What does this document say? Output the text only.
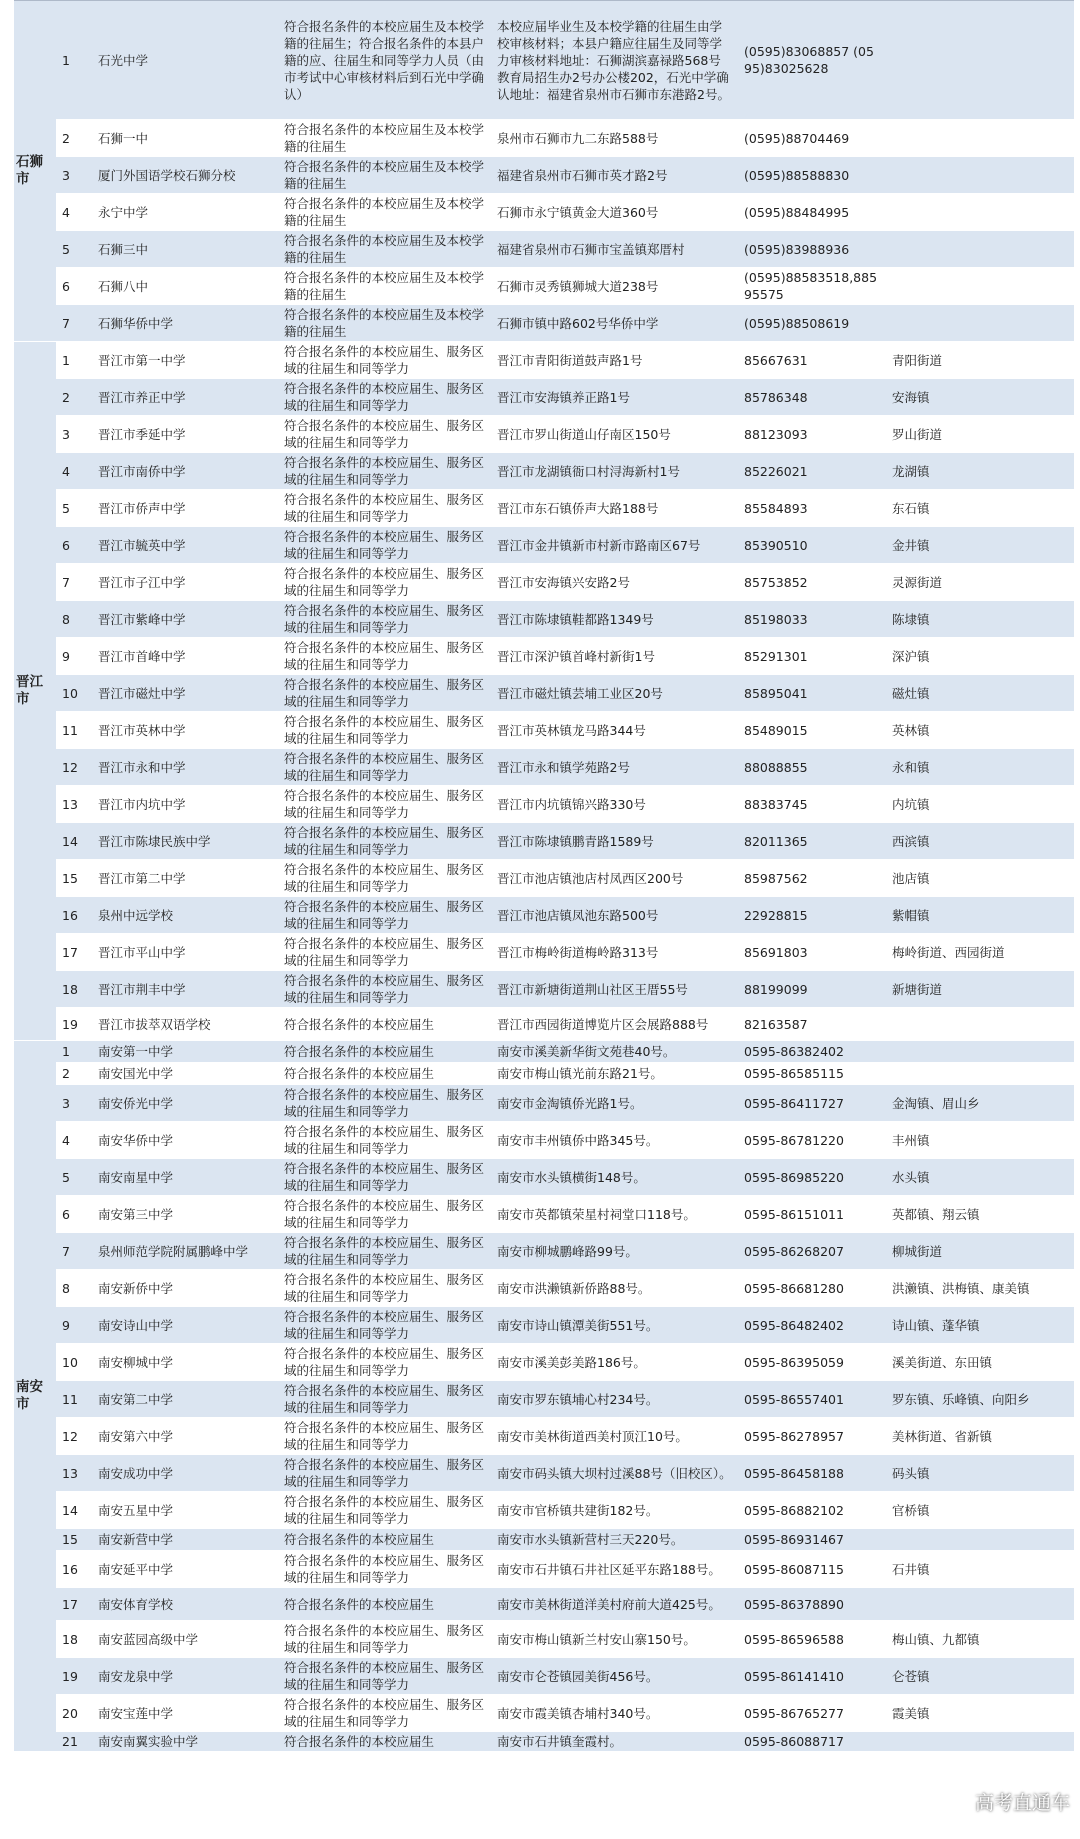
石狮市	1	石光中学	符合报名条件的本校应届生及本校学籍的往届生；符合报名条件的本县户籍的应、往届生和同等学力人员（由市考试中心审核材料后到石光中学确认）	本校应届毕业生及本校学籍的往届生由学校审核材料；本县户籍应往届生及同等学力审核材料地址：石狮湖滨嘉禄路568号教育局招生办2号办公楼202，石光中学确认地址：福建省泉州市石狮市东港路2号。	(0595)83068857 (0595)83025628	
	2	石狮一中	符合报名条件的本校应届生及本校学籍的往届生	泉州市石狮市九二东路588号	(0595)88704469	
	3	厦门外国语学校石狮分校	符合报名条件的本校应届生及本校学籍的往届生	福建省泉州市石狮市英才路2号	(0595)88588830	
	4	永宁中学	符合报名条件的本校应届生及本校学籍的往届生	石狮市永宁镇黄金大道360号	(0595)88484995	
	5	石狮三中	符合报名条件的本校应届生及本校学籍的往届生	福建省泉州市石狮市宝盖镇郑厝村	(0595)83988936	
	6	石狮八中	符合报名条件的本校应届生及本校学籍的往届生	石狮市灵秀镇狮城大道238号	(0595)88583518,88595575	
	7	石狮华侨中学	符合报名条件的本校应届生及本校学籍的往届生	石狮市镇中路602号华侨中学	(0595)88508619	
晋江市	1	晋江市第一中学	符合报名条件的本校应届生、服务区域的往届生和同等学力	晋江市青阳街道鼓声路1号	85667631	青阳街道
	2	晋江市养正中学	符合报名条件的本校应届生、服务区域的往届生和同等学力	晋江市安海镇养正路1号	85786348	安海镇
	3	晋江市季延中学	符合报名条件的本校应届生、服务区域的往届生和同等学力	晋江市罗山街道山仔南区150号	88123093	罗山街道
	4	晋江市南侨中学	符合报名条件的本校应届生、服务区域的往届生和同等学力	晋江市龙湖镇衙口村浔海新村1号	85226021	龙湖镇
	5	晋江市侨声中学	符合报名条件的本校应届生、服务区域的往届生和同等学力	晋江市东石镇侨声大路188号	85584893	东石镇
	6	晋江市毓英中学	符合报名条件的本校应届生、服务区域的往届生和同等学力	晋江市金井镇新市村新市路南区67号	85390510	金井镇
	7	晋江市子江中学	符合报名条件的本校应届生、服务区域的往届生和同等学力	晋江市安海镇兴安路2号	85753852	灵源街道
	8	晋江市紫峰中学	符合报名条件的本校应届生、服务区域的往届生和同等学力	晋江市陈埭镇鞋都路1349号	85198033	陈埭镇
	9	晋江市首峰中学	符合报名条件的本校应届生、服务区域的往届生和同等学力	晋江市深沪镇首峰村新街1号	85291301	深沪镇
	10	晋江市磁灶中学	符合报名条件的本校应届生、服务区域的往届生和同等学力	晋江市磁灶镇芸埔工业区20号	85895041	磁灶镇
	11	晋江市英林中学	符合报名条件的本校应届生、服务区域的往届生和同等学力	晋江市英林镇龙马路344号	85489015	英林镇
	12	晋江市永和中学	符合报名条件的本校应届生、服务区域的往届生和同等学力	晋江市永和镇学苑路2号	88088855	永和镇
	13	晋江市内坑中学	符合报名条件的本校应届生、服务区域的往届生和同等学力	晋江市内坑镇锦兴路330号	88383745	内坑镇
	14	晋江市陈埭民族中学	符合报名条件的本校应届生、服务区域的往届生和同等学力	晋江市陈埭镇鹏青路1589号	82011365	西滨镇
	15	晋江市第二中学	符合报名条件的本校应届生、服务区域的往届生和同等学力	晋江市池店镇池店村凤西区200号	85987562	池店镇
	16	泉州中远学校	符合报名条件的本校应届生、服务区域的往届生和同等学力	晋江市池店镇凤池东路500号	22928815	紫帽镇
	17	晋江市平山中学	符合报名条件的本校应届生、服务区域的往届生和同等学力	晋江市梅岭街道梅岭路313号	85691803	梅岭街道、西园街道
	18	晋江市荆丰中学	符合报名条件的本校应届生、服务区域的往届生和同等学力	晋江市新塘街道荆山社区王厝55号	88199099	新塘街道
	19	晋江市拔萃双语学校	符合报名条件的本校应届生	晋江市西园街道博览片区会展路888号	82163587	
南安市	1	南安第一中学	符合报名条件的本校应届生	南安市溪美新华街文苑巷40号。	0595-86382402	
	2	南安国光中学	符合报名条件的本校应届生	南安市梅山镇光前东路21号。	0595-86585115	
	3	南安侨光中学	符合报名条件的本校应届生、服务区域的往届生和同等学力	南安市金淘镇侨光路1号。	0595-86411727	金淘镇、眉山乡
	4	南安华侨中学	符合报名条件的本校应届生、服务区域的往届生和同等学力	南安市丰州镇侨中路345号。	0595-86781220	丰州镇
	5	南安南星中学	符合报名条件的本校应届生、服务区域的往届生和同等学力	南安市水头镇横街148号。	0595-86985220	水头镇
	6	南安第三中学	符合报名条件的本校应届生、服务区域的往届生和同等学力	南安市英都镇荣星村祠堂口118号。	0595-86151011	英都镇、翔云镇
	7	泉州师范学院附属鹏峰中学	符合报名条件的本校应届生、服务区域的往届生和同等学力	南安市柳城鹏峰路99号。	0595-86268207	柳城街道
	8	南安新侨中学	符合报名条件的本校应届生、服务区域的往届生和同等学力	南安市洪濑镇新侨路88号。	0595-86681280	洪濑镇、洪梅镇、康美镇
	9	南安诗山中学	符合报名条件的本校应届生、服务区域的往届生和同等学力	南安市诗山镇潭美街551号。	0595-86482402	诗山镇、蓬华镇
	10	南安柳城中学	符合报名条件的本校应届生、服务区域的往届生和同等学力	南安市溪美彭美路186号。	0595-86395059	溪美街道、东田镇
	11	南安第二中学	符合报名条件的本校应届生、服务区域的往届生和同等学力	南安市罗东镇埔心村234号。	0595-86557401	罗东镇、乐峰镇、向阳乡
	12	南安第六中学	符合报名条件的本校应届生、服务区域的往届生和同等学力	南安市美林街道西美村顶江10号。	0595-86278957	美林街道、省新镇
	13	南安成功中学	符合报名条件的本校应届生、服务区域的往届生和同等学力	南安市码头镇大坝村过溪88号（旧校区）。	0595-86458188	码头镇
	14	南安五星中学	符合报名条件的本校应届生、服务区域的往届生和同等学力	南安市官桥镇共建街182号。	0595-86882102	官桥镇
	15	南安新营中学	符合报名条件的本校应届生	南安市水头镇新营村三天220号。	0595-86931467	
	16	南安延平中学	符合报名条件的本校应届生、服务区域的往届生和同等学力	南安市石井镇石井社区延平东路188号。	0595-86087115	石井镇
	17	南安体育学校	符合报名条件的本校应届生	南安市美林街道洋美村府前大道425号。	0595-86378890	
	18	南安蓝园高级中学	符合报名条件的本校应届生、服务区域的往届生和同等学力	南安市梅山镇新兰村安山寨150号。	0595-86596588	梅山镇、九都镇
	19	南安龙泉中学	符合报名条件的本校应届生、服务区域的往届生和同等学力	南安市仑苍镇园美街456号。	0595-86141410	仑苍镇
	20	南安宝莲中学	符合报名条件的本校应届生、服务区域的往届生和同等学力	南安市霞美镇杏埔村340号。	0595-86765277	霞美镇
	21	南安南翼实验中学	符合报名条件的本校应届生	南安市石井镇奎霞村。	0595-86088717	
高考直通车
